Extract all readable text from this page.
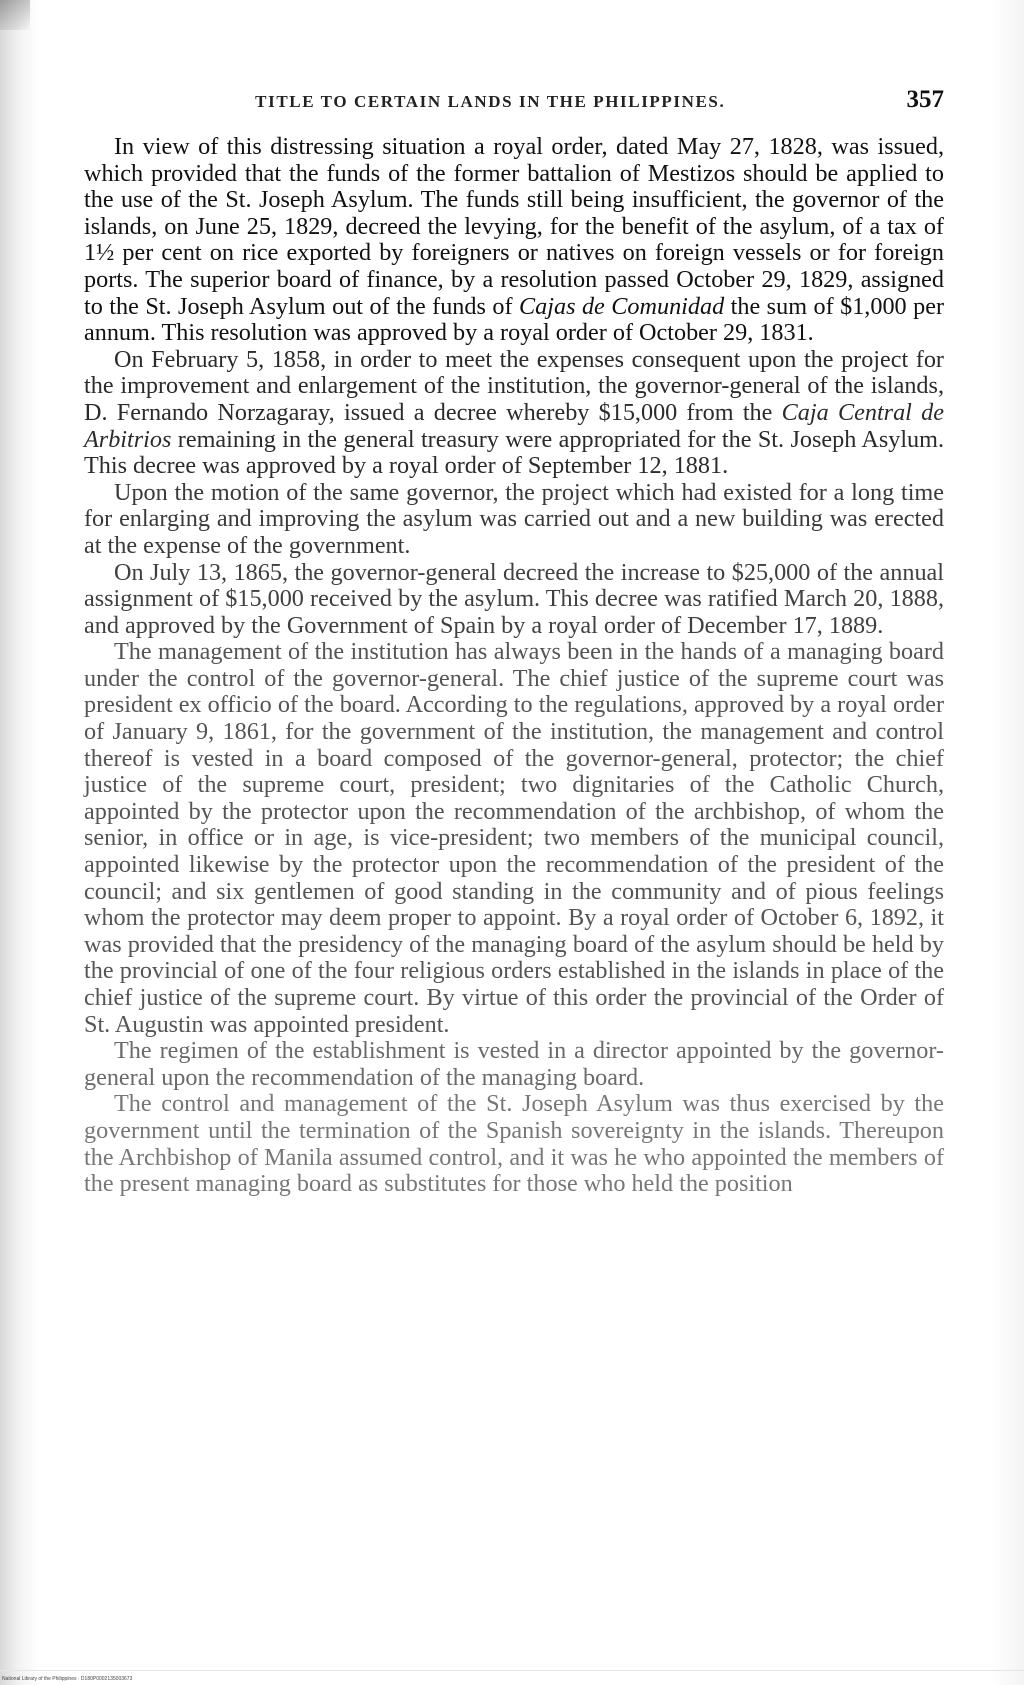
TITLE TO CERTAIN LANDS IN THE PHILIPPINES.	357

In view of this distressing situation a royal order, dated May 27, 1828, was issued, which provided that the funds of the former battalion of Mestizos should be applied to the use of the St. Joseph Asylum. The funds still being insufficient, the governor of the islands, on June 25, 1829, decreed the levying, for the benefit of the asylum, of a tax of 1½ per cent on rice exported by foreigners or natives on foreign vessels or for foreign ports. The superior board of finance, by a resolution passed October 29, 1829, assigned to the St. Joseph Asylum out of the funds of Cajas de Comunidad the sum of $1,000 per annum. This resolution was approved by a royal order of October 29, 1831.

On February 5, 1858, in order to meet the expenses consequent upon the project for the improvement and enlargement of the institution, the governor-general of the islands, D. Fernando Norzagaray, issued a decree whereby $15,000 from the Caja Central de Arbitrios remaining in the general treasury were appropriated for the St. Joseph Asylum. This decree was approved by a royal order of September 12, 1881.

Upon the motion of the same governor, the project which had existed for a long time for enlarging and improving the asylum was carried out and a new building was erected at the expense of the government.

On July 13, 1865, the governor-general decreed the increase to $25,000 of the annual assignment of $15,000 received by the asylum. This decree was ratified March 20, 1888, and approved by the Government of Spain by a royal order of December 17, 1889.

The management of the institution has always been in the hands of a managing board under the control of the governor-general. The chief justice of the supreme court was president ex officio of the board. According to the regulations, approved by a royal order of January 9, 1861, for the government of the institution, the management and control thereof is vested in a board composed of the governor-general, protector; the chief justice of the supreme court, president; two dignitaries of the Catholic Church, appointed by the protector upon the recommendation of the archbishop, of whom the senior, in office or in age, is vice-president; two members of the municipal council, appointed likewise by the protector upon the recommendation of the president of the council; and six gentlemen of good standing in the community and of pious feelings whom the protector may deem proper to appoint. By a royal order of October 6, 1892, it was provided that the presidency of the managing board of the asylum should be held by the provincial of one of the four religious orders established in the islands in place of the chief justice of the supreme court. By virtue of this order the provincial of the Order of St. Augustin was appointed president.

The regimen of the establishment is vested in a director appointed by the governor-general upon the recommendation of the managing board.

The control and management of the St. Joseph Asylum was thus exercised by the government until the termination of the Spanish sovereignty in the islands. Thereupon the Archbishop of Manila assumed control, and it was he who appointed the members of the present managing board as substitutes for those who held the position

National Library of the Philippines · D180P0002135003673
